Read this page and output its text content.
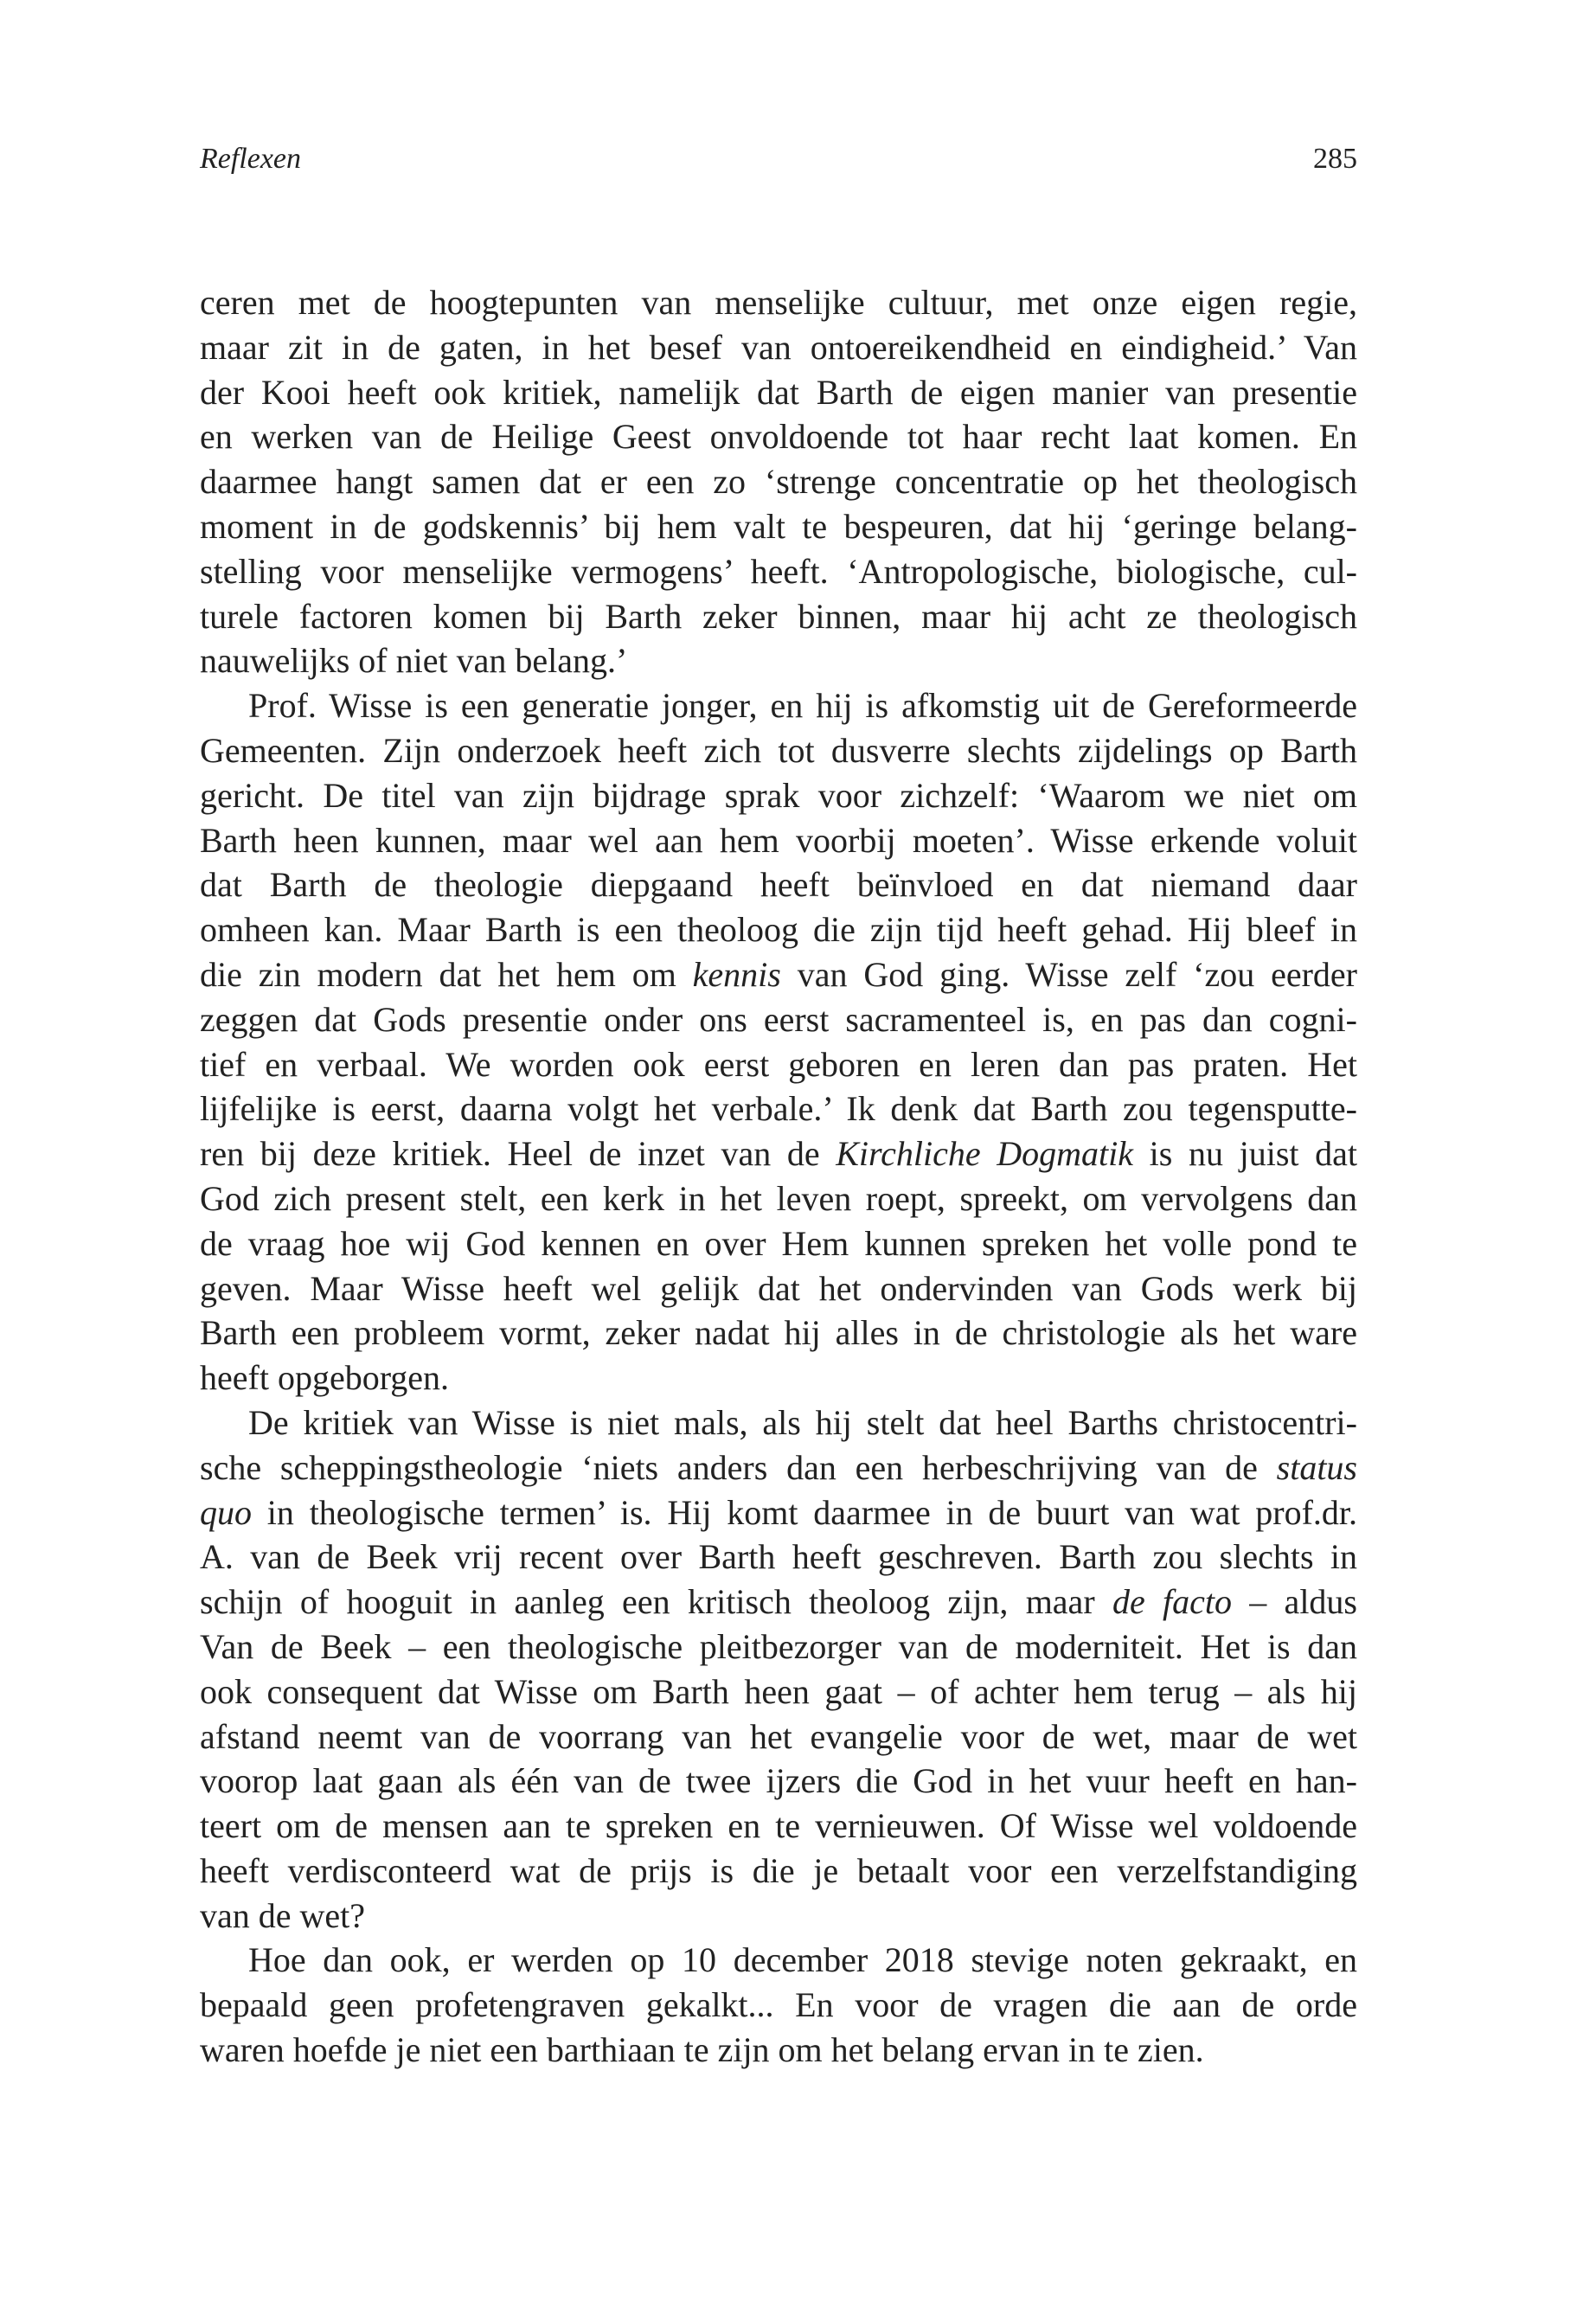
Reflexen	285
ceren met de hoogtepunten van menselijke cultuur, met onze eigen regie,
maar zit in de gaten, in het besef van ontoereikendheid en eindigheid.’ Van
der Kooi heeft ook kritiek, namelijk dat Barth de eigen manier van presentie
en werken van de Heilige Geest onvoldoende tot haar recht laat komen. En
daarmee hangt samen dat er een zo ‘strenge concentratie op het theologisch
moment in de godskennis’ bij hem valt te bespeuren, dat hij ‘geringe belang-
stelling voor menselijke vermogens’ heeft. ‘Antropologische, biologische, cul-
turele factoren komen bij Barth zeker binnen, maar hij acht ze theologisch
nauwelijks of niet van belang.’
Prof. Wisse is een generatie jonger, en hij is afkomstig uit de Gereformeerde
Gemeenten. Zijn onderzoek heeft zich tot dusverre slechts zijdelings op Barth
gericht. De titel van zijn bijdrage sprak voor zichzelf: ‘Waarom we niet om
Barth heen kunnen, maar wel aan hem voorbij moeten’. Wisse erkende voluit
dat Barth de theologie diepgaand heeft beïnvloed en dat niemand daar
omheen kan. Maar Barth is een theoloog die zijn tijd heeft gehad. Hij bleef in
die zin modern dat het hem om kennis van God ging. Wisse zelf ‘zou eerder
zeggen dat Gods presentie onder ons eerst sacramenteel is, en pas dan cogni-
tief en verbaal. We worden ook eerst geboren en leren dan pas praten. Het
lijfelijke is eerst, daarna volgt het verbale.’ Ik denk dat Barth zou tegensputte-
ren bij deze kritiek. Heel de inzet van de Kirchliche Dogmatik is nu juist dat
God zich present stelt, een kerk in het leven roept, spreekt, om vervolgens dan
de vraag hoe wij God kennen en over Hem kunnen spreken het volle pond te
geven. Maar Wisse heeft wel gelijk dat het ondervinden van Gods werk bij
Barth een probleem vormt, zeker nadat hij alles in de christologie als het ware
heeft opgeborgen.
De kritiek van Wisse is niet mals, als hij stelt dat heel Barths christocentri-
sche scheppingstheologie ‘niets anders dan een herbeschrijving van de status
quo in theologische termen’ is. Hij komt daarmee in de buurt van wat prof.dr.
A. van de Beek vrij recent over Barth heeft geschreven. Barth zou slechts in
schijn of hooguit in aanleg een kritisch theoloog zijn, maar de facto – aldus
Van de Beek – een theologische pleitbezorger van de moderniteit. Het is dan
ook consequent dat Wisse om Barth heen gaat – of achter hem terug – als hij
afstand neemt van de voorrang van het evangelie voor de wet, maar de wet
voorop laat gaan als één van de twee ijzers die God in het vuur heeft en han-
teert om de mensen aan te spreken en te vernieuwen. Of Wisse wel voldoende
heeft verdisconteerd wat de prijs is die je betaalt voor een verzelfstandiging
van de wet?
Hoe dan ook, er werden op 10 december 2018 stevige noten gekraakt, en
bepaald geen profetengraven gekalkt... En voor de vragen die aan de orde
waren hoefde je niet een barthiaan te zijn om het belang ervan in te zien.
